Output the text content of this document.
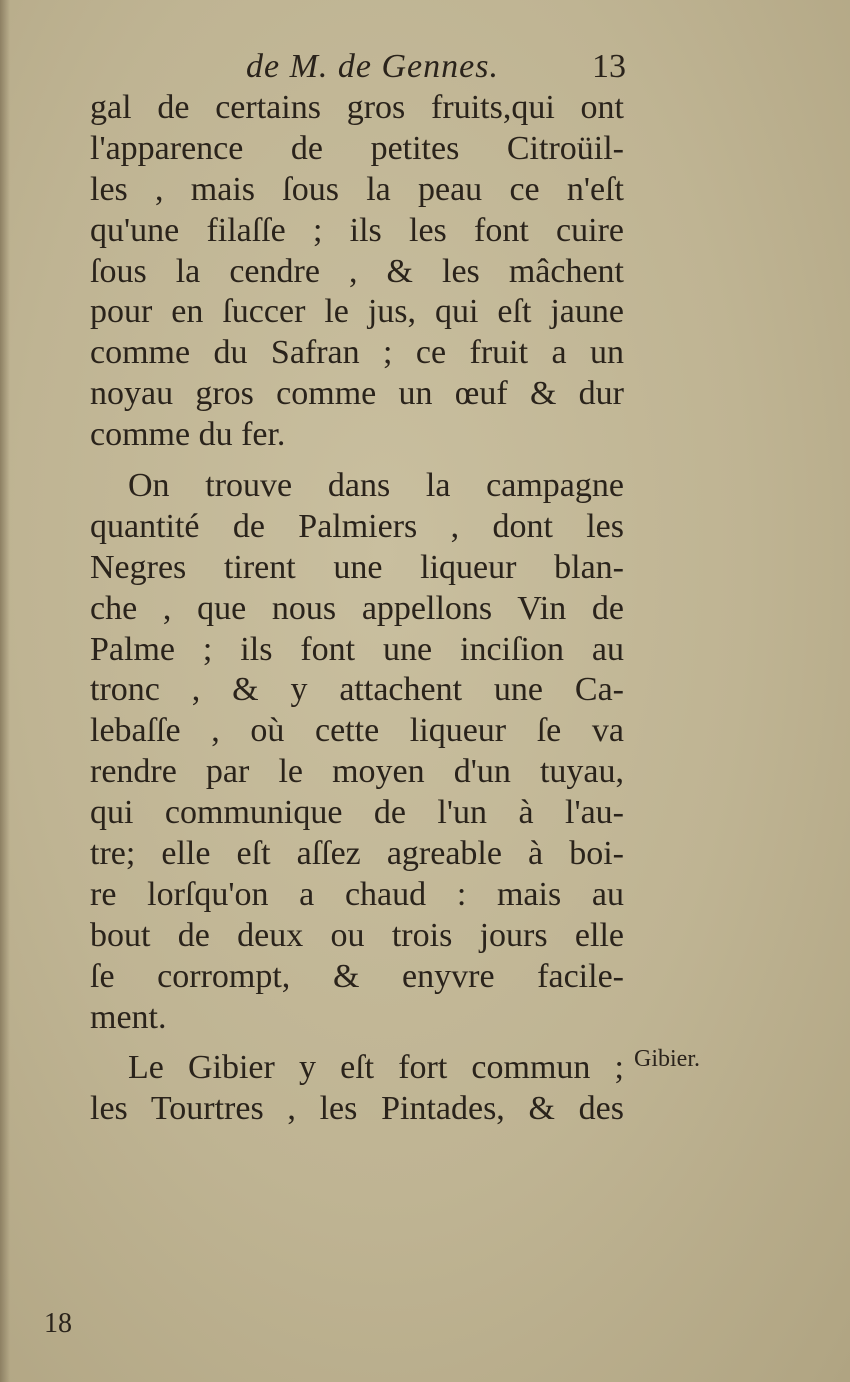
de M. de Gennes.	13
gal de certains gros fruits,qui ont
l'apparence de petites Citroüil-
les , mais ſous la peau ce n'eſt
qu'une filaſſe ; ils les font cuire
ſous la cendre , & les mâchent
pour en ſuccer le jus, qui eſt jaune
comme du Safran ; ce fruit a un
noyau gros comme un œuf & dur
comme du fer.
On trouve dans la campagne
quantité de Palmiers , dont les
Negres tirent une liqueur blan-
che , que nous appellons Vin de
Palme ; ils font une inciſion au
tronc , & y attachent une Ca-
lebaſſe , où cette liqueur ſe va
rendre par le moyen d'un tuyau,
qui communique de l'un à l'au-
tre; elle eſt aſſez agreable à boi-
re lorſqu'on a chaud : mais au
bout de deux ou trois jours elle
ſe corrompt, & enyvre facile-
ment.
Le Gibier y eſt fort commun ;
les Tourtres , les Pintades, & des
Gibier.
18
